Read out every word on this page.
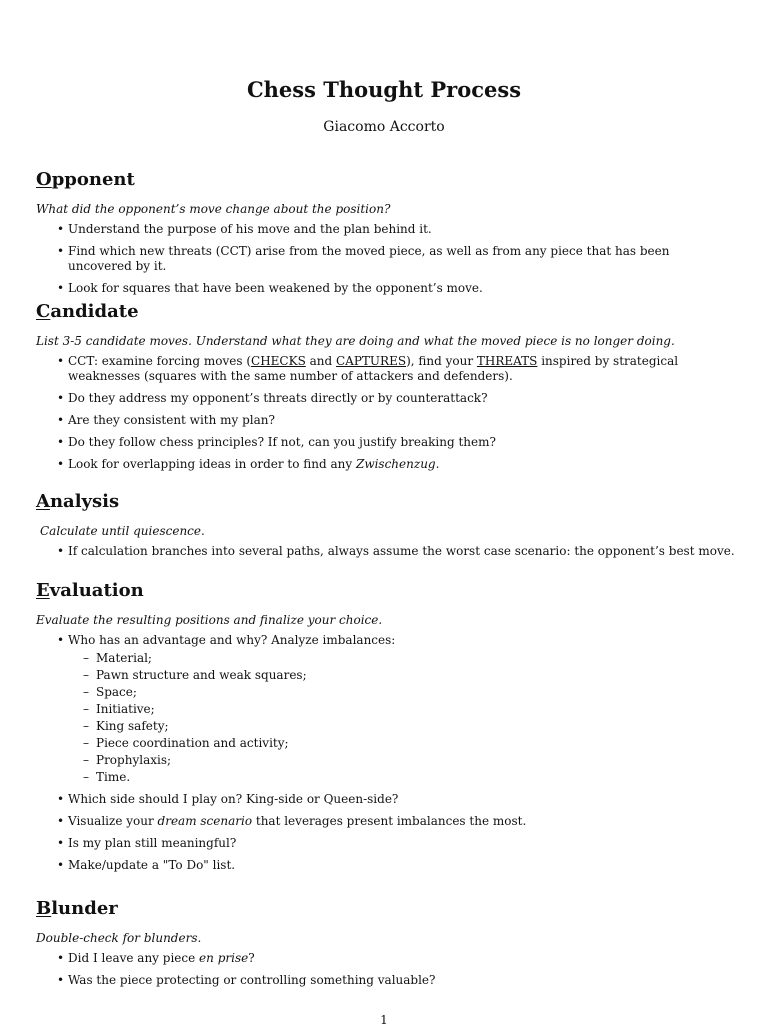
Chess Thought Process
Giacomo Accorto
Opponent

What did the opponent’s move change about the position?

• Understand the purpose of his move and the plan behind it.
• Find which new threats (CCT) arise from the moved piece, as well as from any piece that has been uncovered by it.
• Look for squares that have been weakened by the opponent’s move.
Candidate

List 3-5 candidate moves. Understand what they are doing and what the moved piece is no longer doing.

• CCT: examine forcing moves (CHECKS and CAPTURES), find your THREATS inspired by strategical weaknesses (squares with the same number of attackers and defenders).
• Do they address my opponent’s threats directly or by counterattack?
• Are they consistent with my plan?
• Do they follow chess principles? If not, can you justify breaking them?
• Look for overlapping ideas in order to find any Zwischenzug.
Analysis

Calculate until quiescence.

• If calculation branches into several paths, always assume the worst case scenario: the opponent’s best move.
Evaluation

Evaluate the resulting positions and finalize your choice.

• Who has an advantage and why? Analyze imbalances:
– Material;
– Pawn structure and weak squares;
– Space;
– Initiative;
– King safety;
– Piece coordination and activity;
– Prophylaxis;
– Time.
• Which side should I play on? King-side or Queen-side?
• Visualize your dream scenario that leverages present imbalances the most.
• Is my plan still meaningful?
• Make/update a "To Do" list.
Blunder

Double-check for blunders.

• Did I leave any piece en prise?
• Was the piece protecting or controlling something valuable?
1
